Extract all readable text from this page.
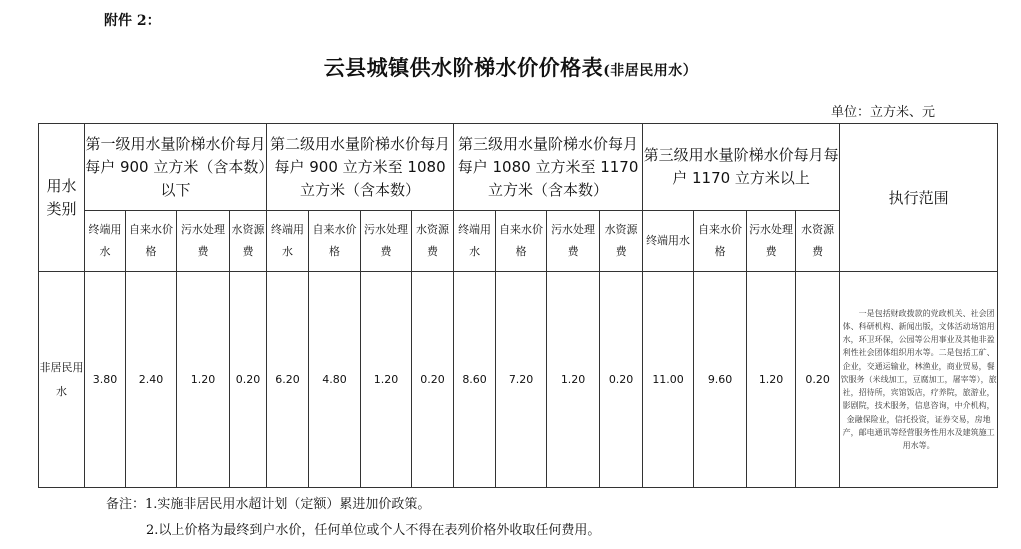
附件 2：
云县城镇供水阶梯水价价格表(非居民用水）
单位：立方米、元
用水类别	第一级用水量阶梯水价每月每户 900 立方米（含本数）以下				第二级用水量阶梯水价每月每户 900 立方米至 1080 立方米（含本数）				第三级用水量阶梯水价每月每户 1080 立方米至 1170 立方米（含本数）				第三级用水量阶梯水价每月每户 1170 立方米以上				执行范围
	终端用水	自来水价格	污水处理费	水资源费	终端用水	自来水价格	污水处理费	水资源费	终端用水	自来水价格	污水处理费	水资源费	终端用水	自来水价格	污水处理费	水资源费	
非居民用水	3.80	2.40	1.20	0.20	6.20	4.80	1.20	0.20	8.60	7.20	1.20	0.20	11.00	9.60	1.20	0.20	一是包括财政拨款的党政机关、社会团体、科研机构、新闻出版，文体活动场馆用水，环卫环保，公园等公用事业及其他非盈利性社会团体组织用水等。二是包括工矿、企业，交通运输业，林渔业，商业贸易，餐饮服务（米线加工，豆腐加工，屠宰等），旅社，招待所，宾馆饭店，疗养院，旅游业，影剧院，技术服务，信息咨询，中介机构，金融保险业，信托投资，证券交易，房地产，邮电通讯等经营服务性用水及建筑施工用水等。
备注：1.实施非居民用水超计划（定额）累进加价政策。
2.以上价格为最终到户水价，任何单位或个人不得在表列价格外收取任何费用。
